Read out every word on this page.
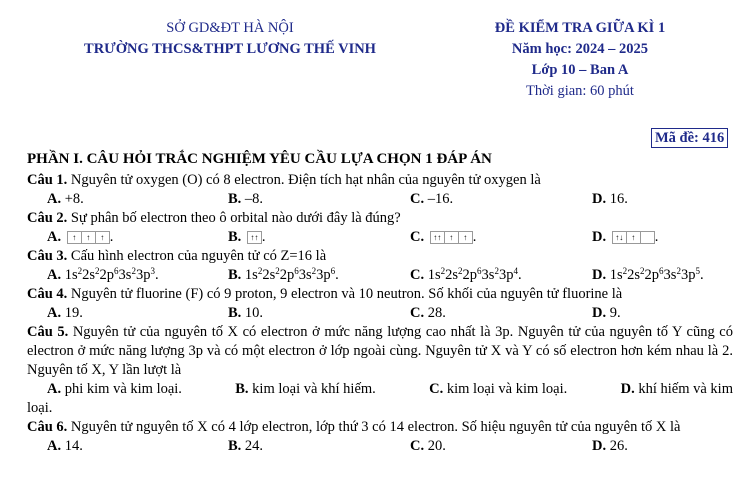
SỞ GD&ĐT HÀ NỘI
TRƯỜNG THCS&THPT LƯƠNG THẾ VINH
ĐỀ KIỂM TRA GIỮA KÌ 1
Năm học: 2024 – 2025
Lớp 10 – Ban A
Thời gian: 60 phút
Mã đề: 416
PHẦN I. CÂU HỎI TRẮC NGHIỆM YÊU CẦU LỰA CHỌN 1 ĐÁP ÁN
Câu 1. Nguyên tử oxygen (O) có 8 electron. Điện tích hạt nhân của nguyên tử oxygen là
A. +8.	B. –8.	C. –16.	D. 16.
Câu 2. Sự phân bố electron theo ô orbital nào dưới đây là đúng?
A. ↑ ↑ ↑ .	B. ↑↑ .	C. ↑↑ ↑ ↑ .	D. ↑↓ ↑ .
Câu 3. Cấu hình electron của nguyên tử có Z=16 là
A. $1s^22s^22p^63s^23p^3$.	B. $1s^22s^22p^63s^23p^6$.	C. $1s^22s^22p^63s^23p^4$.	D. $1s^22s^22p^63s^23p^5$.
Câu 4. Nguyên tử fluorine (F) có 9 proton, 9 electron và 10 neutron. Số khối của nguyên tử fluorine là
A. 19.	B. 10.	C. 28.	D. 9.
Câu 5. Nguyên tử của nguyên tố X có electron ở mức năng lượng cao nhất là 3p. Nguyên tử của nguyên tố Y cũng có electron ở mức năng lượng 3p và có một electron ở lớp ngoài cùng. Nguyên tử X và Y có số electron hơn kém nhau là 2. Nguyên tố X, Y lần lượt là
A. phi kim và kim loại.	B. kim loại và khí hiếm.	C. kim loại và kim loại.	D. khí hiếm và kim
loại.
Câu 6. Nguyên tử nguyên tố X có 4 lớp electron, lớp thứ 3 có 14 electron. Số hiệu nguyên tử của nguyên tố X là
A. 14.	B. 24.	C. 20.	D. 26.
